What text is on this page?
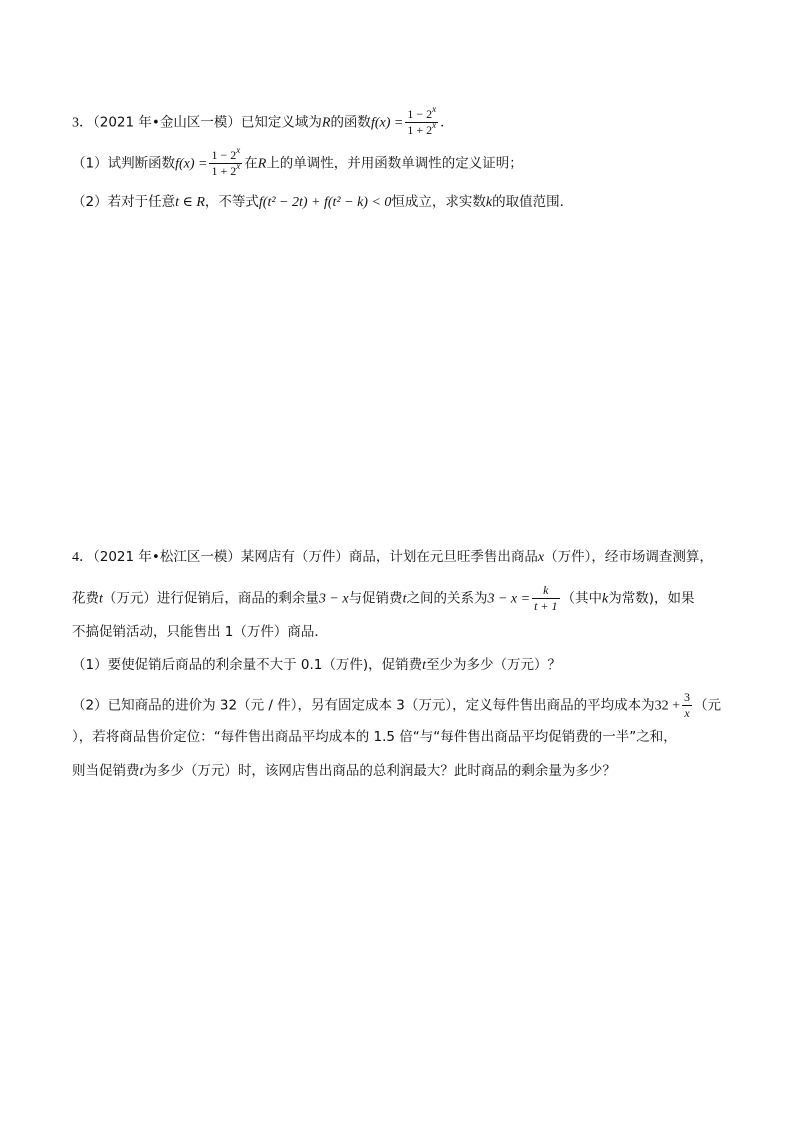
3．（2021 年•金山区一模）已知定义域为R的函数$f(x) = \frac{1 - 2^x}{1 + 2^x}$ ．
（1）试判断函数$f(x) = \frac{1 - 2^x}{1 + 2^x}$ 在R上的单调性，并用函数单调性的定义证明；
（2）若对于任意t ∈ R，不等式f(t² − 2t) + f(t² − k) < 0恒成立，求实数k的取值范围．
4．（2021 年•松江区一模）某网店有（万件）商品，计划在元旦旺季售出商品x（万件），经市场调查测算，
花费t（万元）进行促销后，商品的剩余量3 − x与促销费t之间的关系为$3 - x = \frac{k}{t + 1}$ （其中k为常数)，如果
不搞促销活动，只能售出 1（万件）商品．
（1）要使促销后商品的利余量不大于 0.1（万件)，促销费t至少为多少（万元）？
（2）已知商品的进价为 32（元 / 件），另有固定成本 3（万元），定义每件售出商品的平均成本为$32 + \frac{3}{x}$ （元
），若将商品售价定位：“每件售出商品平均成本的 1.5 倍“与“每件售出商品平均促销费的一半”之和，
则当促销费t为多少（万元）时，该网店售出商品的总利润最大？此时商品的剩余量为多少？
